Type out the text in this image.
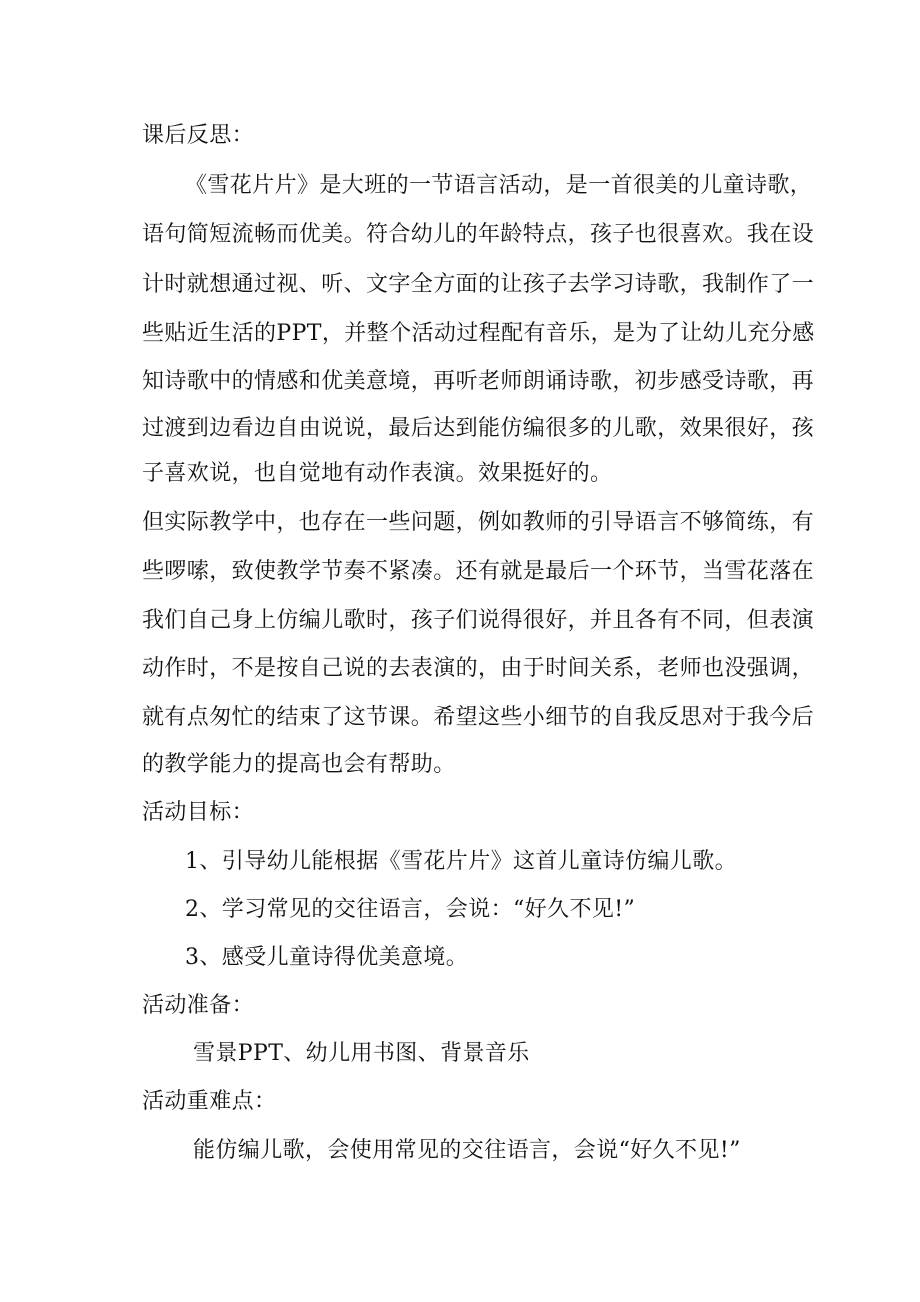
课后反思：
《雪花片片》是大班的一节语言活动，是一首很美的儿童诗歌，
语句简短流畅而优美。符合幼儿的年龄特点，孩子也很喜欢。我在设
计时就想通过视、听、文字全方面的让孩子去学习诗歌，我制作了一
些贴近生活的PPT，并整个活动过程配有音乐，是为了让幼儿充分感
知诗歌中的情感和优美意境，再听老师朗诵诗歌，初步感受诗歌，再
过渡到边看边自由说说，最后达到能仿编很多的儿歌，效果很好，孩
子喜欢说，也自觉地有动作表演。效果挺好的。
但实际教学中，也存在一些问题，例如教师的引导语言不够简练，有
些啰嗦，致使教学节奏不紧凑。还有就是最后一个环节，当雪花落在
我们自己身上仿编儿歌时，孩子们说得很好，并且各有不同，但表演
动作时，不是按自己说的去表演的，由于时间关系，老师也没强调，
就有点匆忙的结束了这节课。希望这些小细节的自我反思对于我今后
的教学能力的提高也会有帮助。
活动目标：
1、引导幼儿能根据《雪花片片》这首儿童诗仿编儿歌。
2、学习常见的交往语言，会说：“好久不见!”
3、感受儿童诗得优美意境。
活动准备：
雪景PPT、幼儿用书图、背景音乐
活动重难点：
能仿编儿歌，会使用常见的交往语言，会说“好久不见!”
